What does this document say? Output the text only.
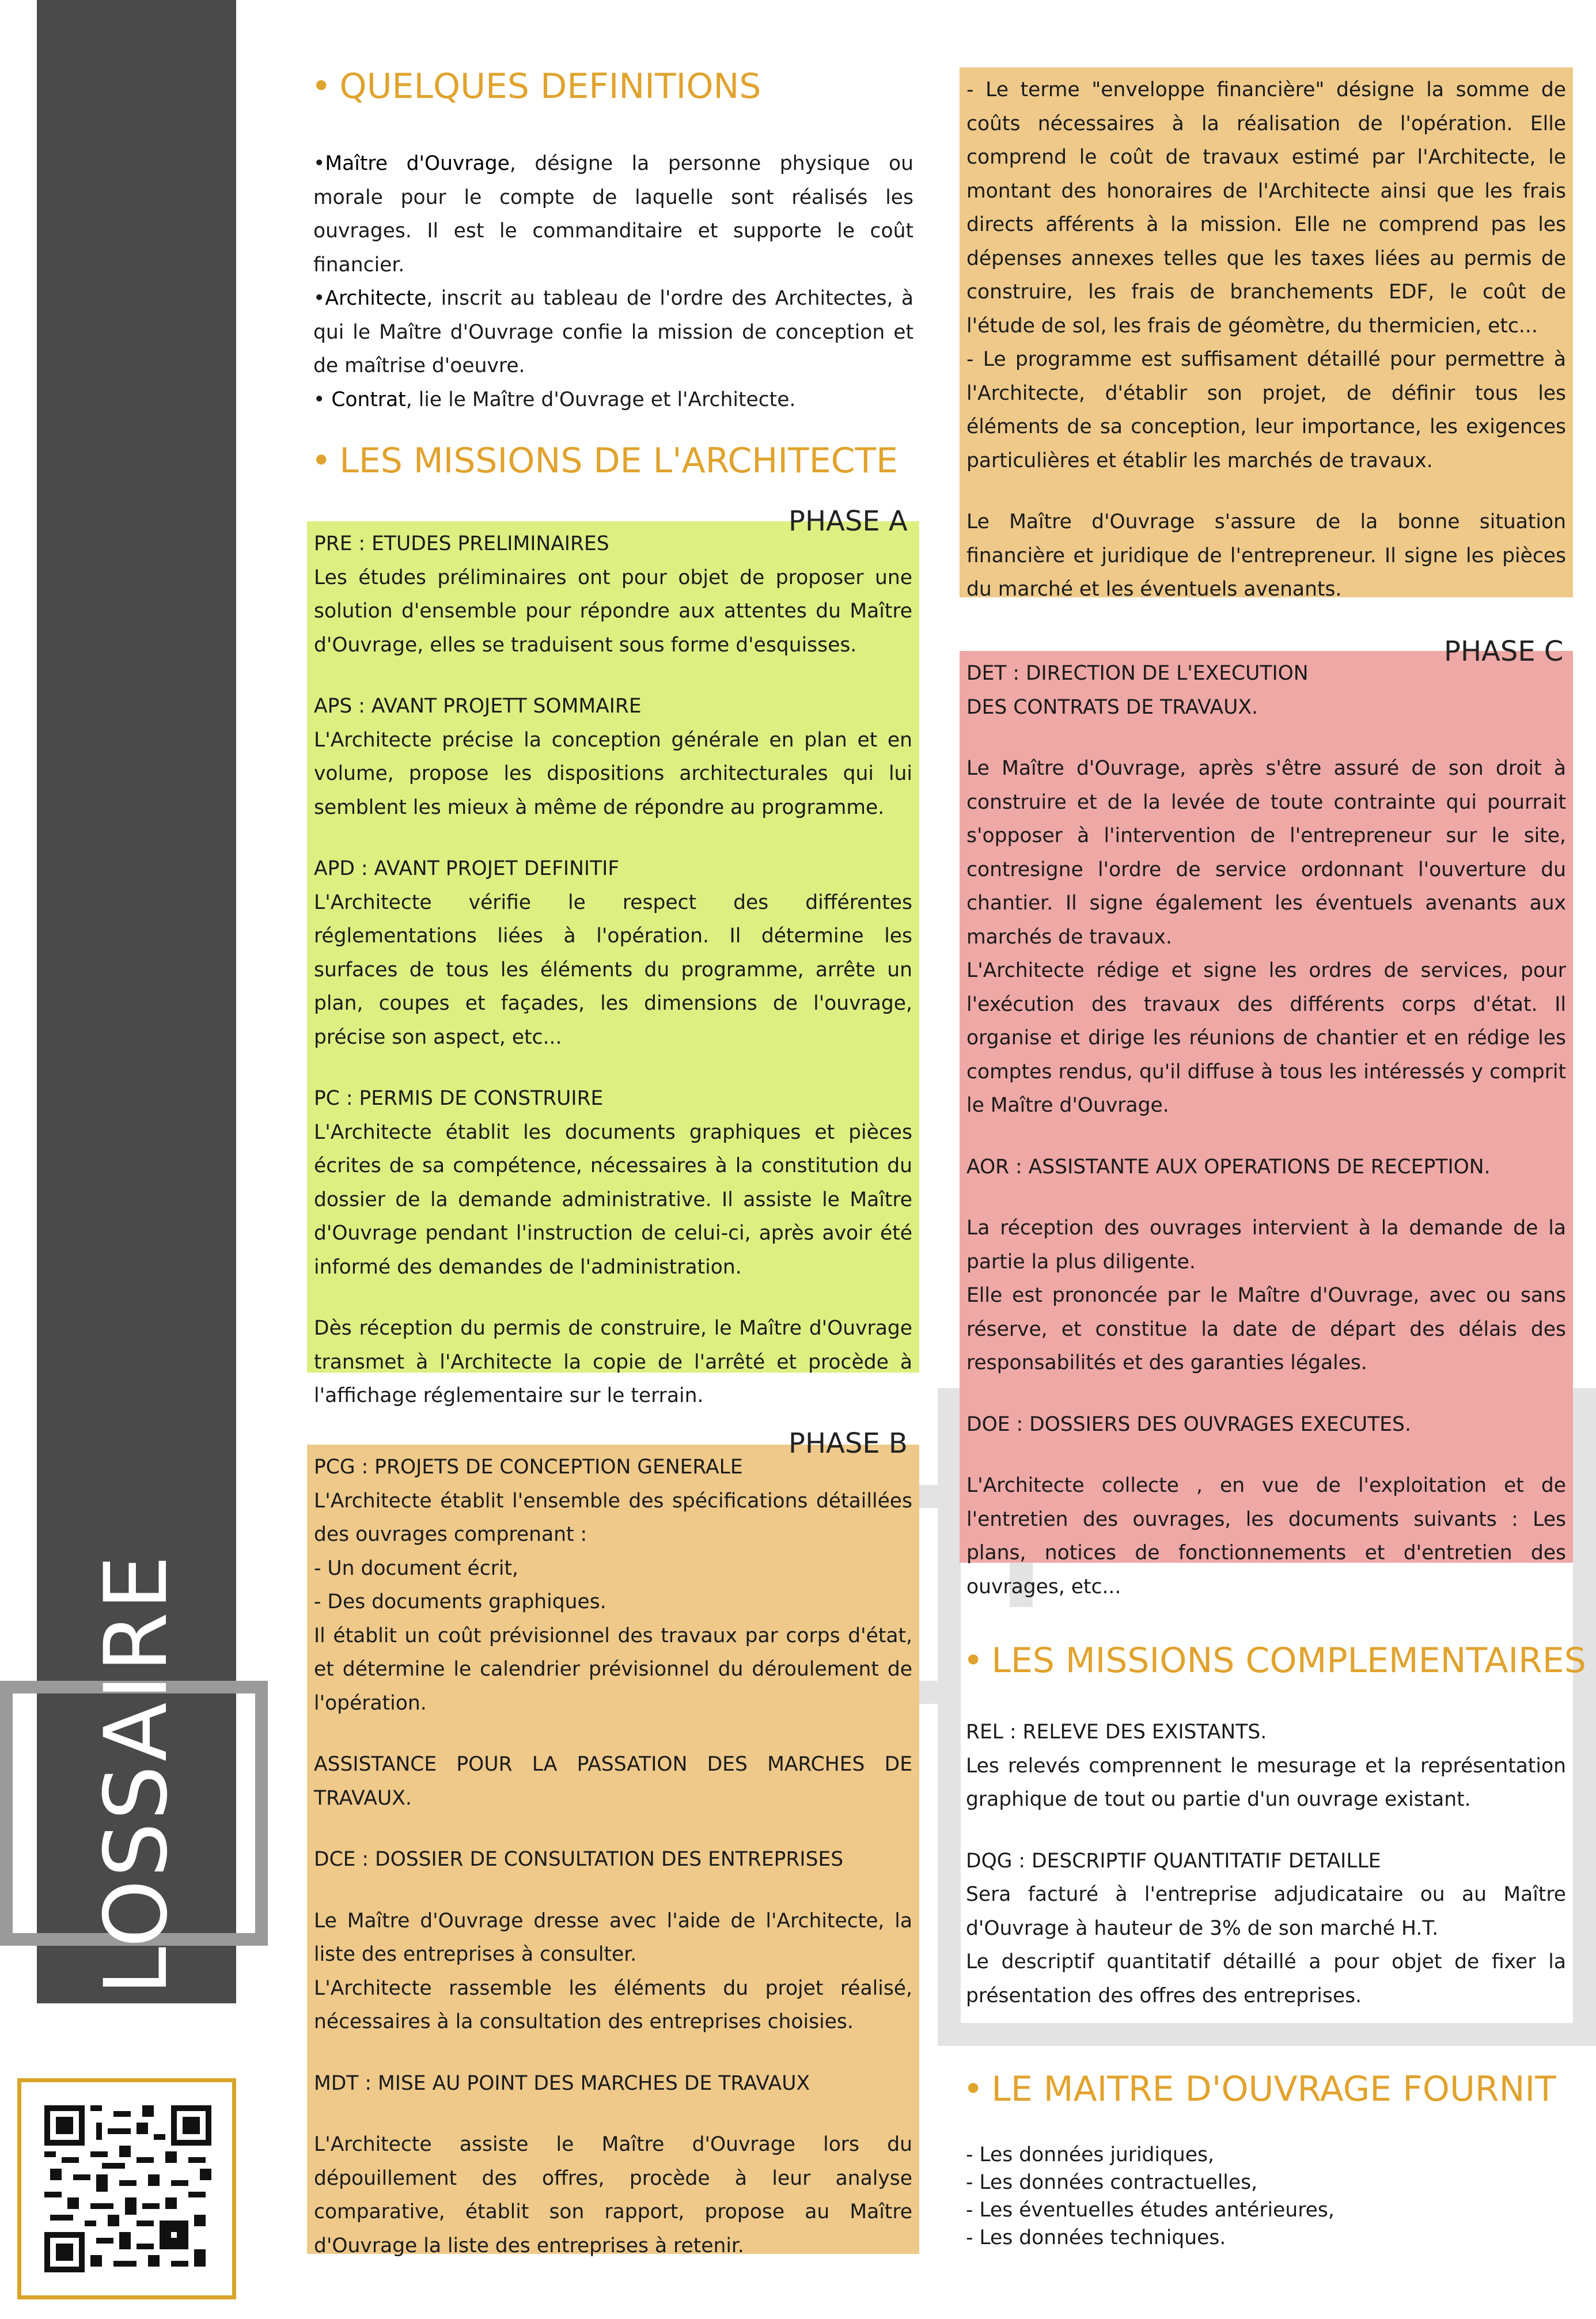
GLOSSAIRE
• QUELQUES DEFINITIONS

•Maître d'Ouvrage, désigne la personne physique ou morale pour le compte de laquelle sont réalisés les ouvrages. Il est le commanditaire et supporte le coût financier.

•Architecte, inscrit au tableau de l'ordre des Architectes, à qui le Maître d'Ouvrage confie la mission de conception et de maîtrise d'oeuvre.

• Contrat, lie le Maître d'Ouvrage et l'Architecte.

• LES MISSIONS DE L'ARCHITECTE

PRE : ETUDES PRELIMINAIRES

Les études préliminaires ont pour objet de proposer une solution d'ensemble pour répondre aux attentes du Maître d'Ouvrage, elles se traduisent sous forme d'esquisses.

APS : AVANT PROJETT SOMMAIRE

L'Architecte précise la conception générale en plan et en volume, propose les dispositions architecturales qui lui semblent les mieux à même de répondre au programme.

APD : AVANT PROJET DEFINITIF

L'Architecte vérifie le respect des différentes réglementations liées à l'opération. Il détermine les surfaces de tous les éléments du programme, arrête un plan, coupes et façades, les dimensions de l'ouvrage, précise son aspect, etc...

PC : PERMIS DE CONSTRUIRE

L'Architecte établit les documents graphiques et pièces écrites de sa compétence, nécessaires à la constitution du dossier de la demande administrative. Il assiste le Maître d'Ouvrage pendant l'instruction de celui-ci, après avoir été informé des demandes de l'administration.

Dès réception du permis de construire, le Maître d'Ouvrage transmet à l'Architecte la copie de l'arrêté et procède à l'affichage réglementaire sur le terrain.

PHASE A

PCG : PROJETS DE CONCEPTION GENERALE

L'Architecte établit l'ensemble des spécifications détaillées des ouvrages comprenant :

- Un document écrit,

- Des documents graphiques.

Il établit un coût prévisionnel des travaux par corps d'état, et détermine le calendrier prévisionnel du déroulement de l'opération.

ASSISTANCE POUR LA PASSATION DES MARCHES DE TRAVAUX.

DCE : DOSSIER DE CONSULTATION DES ENTREPRISES

Le Maître d'Ouvrage dresse avec l'aide de l'Architecte, la liste des entreprises à consulter.

L'Architecte rassemble les éléments du projet réalisé, nécessaires à la consultation des entreprises choisies.

MDT : MISE AU POINT DES MARCHES DE TRAVAUX

L'Architecte assiste le Maître d'Ouvrage lors du dépouillement des offres, procède à leur analyse comparative, établit son rapport, propose au Maître d'Ouvrage la liste des entreprises à retenir.

PHASE B

- Le terme "enveloppe financière" désigne la somme de coûts nécessaires à la réalisation de l'opération. Elle comprend le coût de travaux estimé par l'Architecte, le montant des honoraires de l'Architecte ainsi que les frais directs afférents à la mission. Elle ne comprend pas les dépenses annexes telles que les taxes liées au permis de construire, les frais de branchements EDF, le coût de l'étude de sol, les frais de géomètre, du thermicien, etc...

- Le programme est suffisament détaillé pour permettre à l'Architecte, d'établir son projet, de définir tous les éléments de sa conception, leur importance, les exigences particulières et établir les marchés de travaux.

Le Maître d'Ouvrage s'assure de la bonne situation financière et juridique de l'entrepreneur. Il signe les pièces du marché et les éventuels avenants.

DET : DIRECTION DE L'EXECUTION

DES CONTRATS DE TRAVAUX.

Le Maître d'Ouvrage, après s'être assuré de son droit à construire et de la levée de toute contrainte qui pourrait s'opposer à l'intervention de l'entrepreneur sur le site, contresigne l'ordre de service ordonnant l'ouverture du chantier. Il signe également les éventuels avenants aux marchés de travaux.

L'Architecte rédige et signe les ordres de services, pour l'exécution des travaux des différents corps d'état. Il organise et dirige les réunions de chantier et en rédige les comptes rendus, qu'il diffuse à tous les intéressés y comprit le Maître d'Ouvrage.

AOR : ASSISTANTE AUX OPERATIONS DE RECEPTION.

La réception des ouvrages intervient à la demande de la partie la plus diligente.

Elle est prononcée par le Maître d'Ouvrage, avec ou sans réserve, et constitue la date de départ des délais des responsabilités et des garanties légales.

DOE : DOSSIERS DES OUVRAGES EXECUTES.

L'Architecte collecte , en vue de l'exploitation et de l'entretien des ouvrages, les documents suivants : Les plans, notices de fonctionnements et d'entretien des ouvrages, etc...

PHASE C
• LES MISSIONS COMPLEMENTAIRES

REL : RELEVE DES EXISTANTS.

Les relevés comprennent le mesurage et la représentation graphique de tout ou partie d'un ouvrage existant.

DQG : DESCRIPTIF QUANTITATIF DETAILLE

Sera facturé à l'entreprise adjudicataire ou au Maître d'Ouvrage à hauteur de 3% de son marché H.T.

Le descriptif quantitatif détaillé a pour objet de fixer la présentation des offres des entreprises.

• LE MAITRE D'OUVRAGE FOURNIT
- Les données juridiques,
- Les données contractuelles,
- Les éventuelles études antérieures,
- Les données techniques.
